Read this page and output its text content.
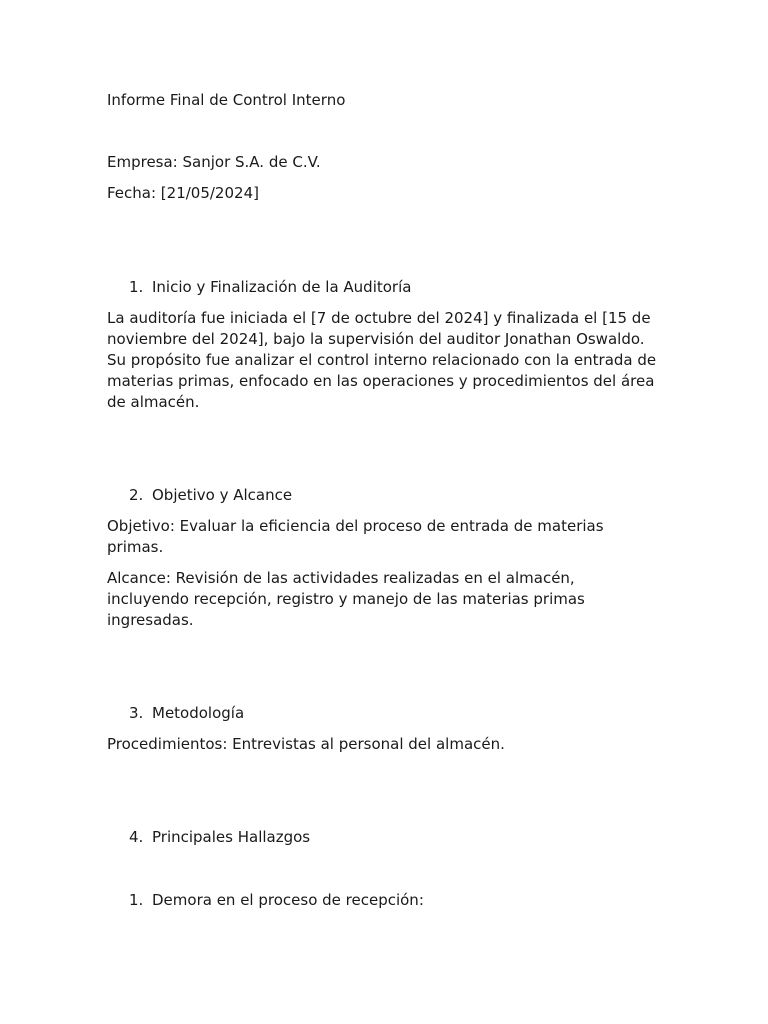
Informe Final de Control Interno

Empresa: Sanjor S.A. de C.V.

Fecha: [21/05/2024]

1. Inicio y Finalización de la Auditoría

La auditoría fue iniciada el [7 de octubre del 2024] y finalizada el [15 de noviembre del 2024], bajo la supervisión del auditor Jonathan Oswaldo. Su propósito fue analizar el control interno relacionado con la entrada de materias primas, enfocado en las operaciones y procedimientos del área de almacén.

2. Objetivo y Alcance

Objetivo: Evaluar la eficiencia del proceso de entrada de materias primas.

Alcance: Revisión de las actividades realizadas en el almacén, incluyendo recepción, registro y manejo de las materias primas ingresadas.

3. Metodología

Procedimientos: Entrevistas al personal del almacén.

4. Principales Hallazgos

1. Demora en el proceso de recepción:
